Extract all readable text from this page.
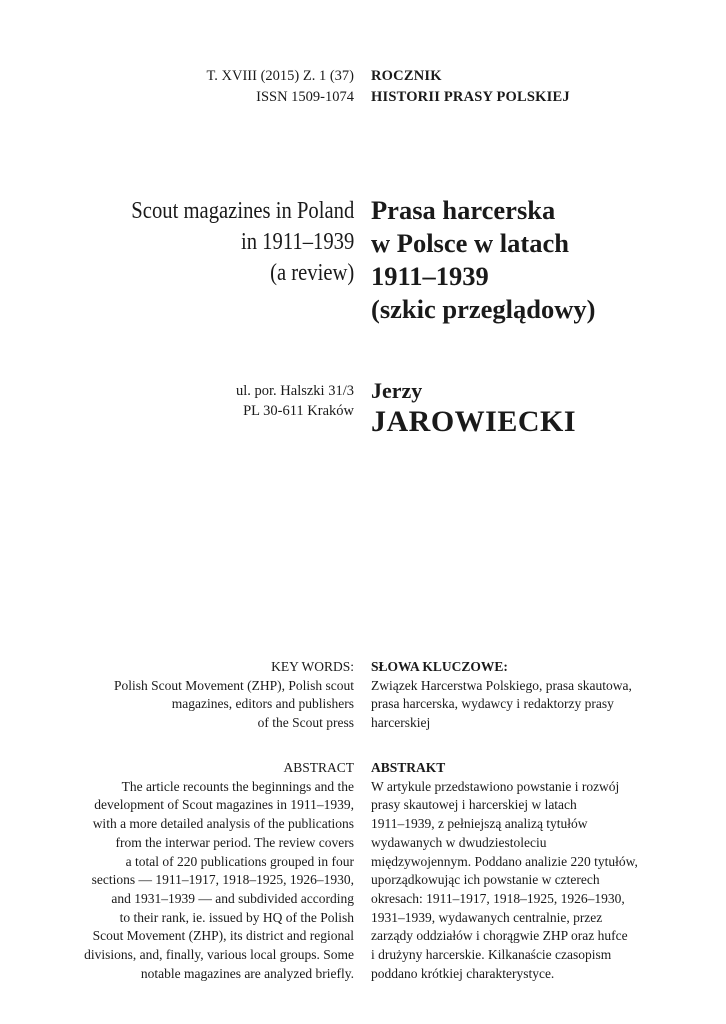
T. XVIII (2015) Z. 1 (37)
ISSN 1509-1074
ROCZNIK
HISTORII PRASY POLSKIEJ
Scout magazines in Poland
in 1911–1939
(a review)
Prasa harcerska
w Polsce w latach
1911–1939
(szkic przeglądowy)
ul. por. Halszki 31/3
PL 30-611 Kraków
Jerzy
JAROWIECKI
KEY WORDS:
Polish Scout Movement (ZHP), Polish scout
magazines, editors and publishers
of the Scout press
SŁOWA KLUCZOWE:
Związek Harcerstwa Polskiego, prasa skautowa,
prasa harcerska, wydawcy i redaktorzy prasy
harcerskiej
ABSTRACT
The article recounts the beginnings and the
development of Scout magazines in 1911–1939,
with a more detailed analysis of the publications
from the interwar period. The review covers
a total of 220 publications grouped in four
sections — 1911–1917, 1918–1925, 1926–1930,
and 1931–1939 — and subdivided according
to their rank, ie. issued by HQ of the Polish
Scout Movement (ZHP), its district and regional
divisions, and, finally, various local groups. Some
notable magazines are analyzed briefly.
ABSTRAKT
W artykule przedstawiono powstanie i rozwój
prasy skautowej i harcerskiej w latach
1911–1939, z pełniejszą analizą tytułów
wydawanych w dwudziestoleciu
międzywojennym. Poddano analizie 220 tytułów,
uporządkowując ich powstanie w czterech
okresach: 1911–1917, 1918–1925, 1926–1930,
1931–1939, wydawanych centralnie, przez
zarządy oddziałów i chorągwie ZHP oraz hufce
i drużyny harcerskie. Kilkanaście czasopism
poddano krótkiej charakterystyce.
